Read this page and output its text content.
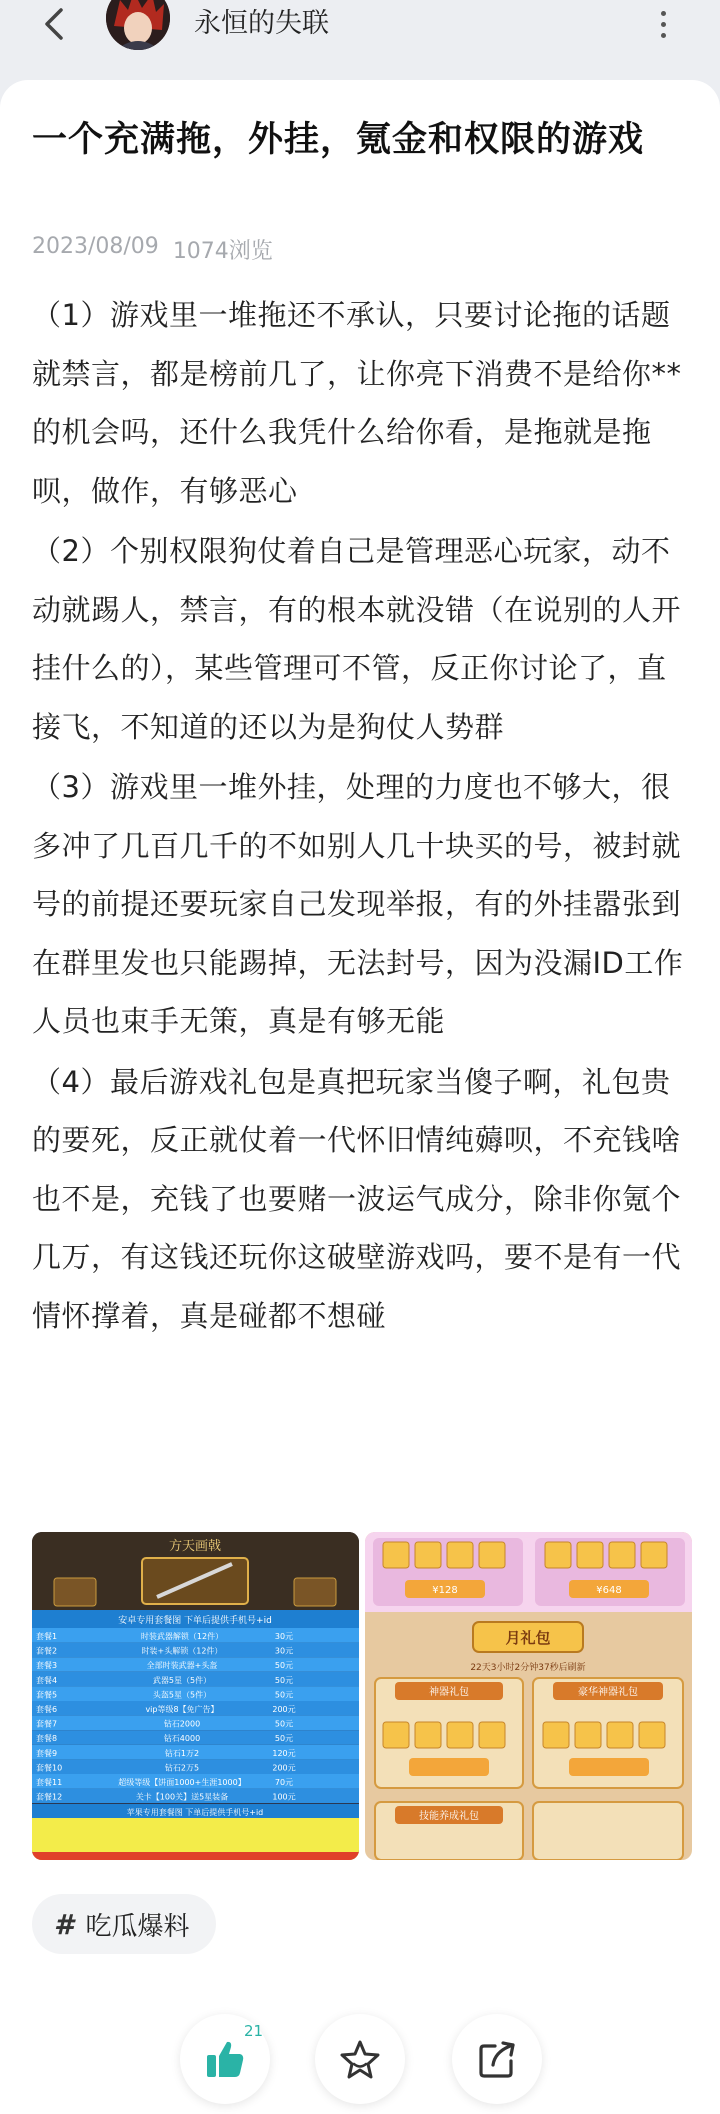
永恒的失联
一个充满拖，外挂，氪金和权限的游戏
2023/08/09 1074浏览

（1）游戏里一堆拖还不承认，只要讨论拖的话题就禁言，都是榜前几了，让你亮下消费不是给你**的机会吗，还什么我凭什么给你看，是拖就是拖呗，做作，有够恶心

（2）个别权限狗仗着自己是管理恶心玩家，动不动就踢人，禁言，有的根本就没错（在说别的人开挂什么的），某些管理可不管，反正你讨论了，直接飞，不知道的还以为是狗仗人势群

（3）游戏里一堆外挂，处理的力度也不够大，很多冲了几百几千的不如别人几十块买的号，被封就号的前提还要玩家自己发现举报，有的外挂嚣张到在群里发也只能踢掉，无法封号，因为没漏ID工作人员也束手无策，真是有够无能

（4）最后游戏礼包是真把玩家当傻子啊，礼包贵的要死，反正就仗着一代怀旧情纯薅呗，不充钱啥也不是，充钱了也要赌一波运气成分，除非你氪个几万，有这钱还玩你这破壁游戏吗，要不是有一代情怀撑着，真是碰都不想碰

方天画戟
安卓专用套餐图 下单后提供手机号+id
套餐1	时装武器解锁（12件）	30元
套餐2	时装+头解锁（12件）	30元
套餐3	全部时装武器+头盔	50元
套餐4	武器5星（5件）	50元
套餐5	头盔5星（5件）	50元
套餐6	vip等级8【免广告】	200元
套餐7	钻石2000	50元
套餐8	钻石4000	50元
套餐9	钻石1万2	120元
套餐10	钻石2万5	200元
套餐11	超级等级【饼面1000+生涯1000】	70元
套餐12	关卡【100关】送5星装备	100元
苹果专用套餐图 下单后提供手机号+id
¥128	¥648
月礼包
22天3小时2分钟37秒后刷新
神器礼包	豪华神器礼包
技能养成礼包
# 吃瓜爆料
21
